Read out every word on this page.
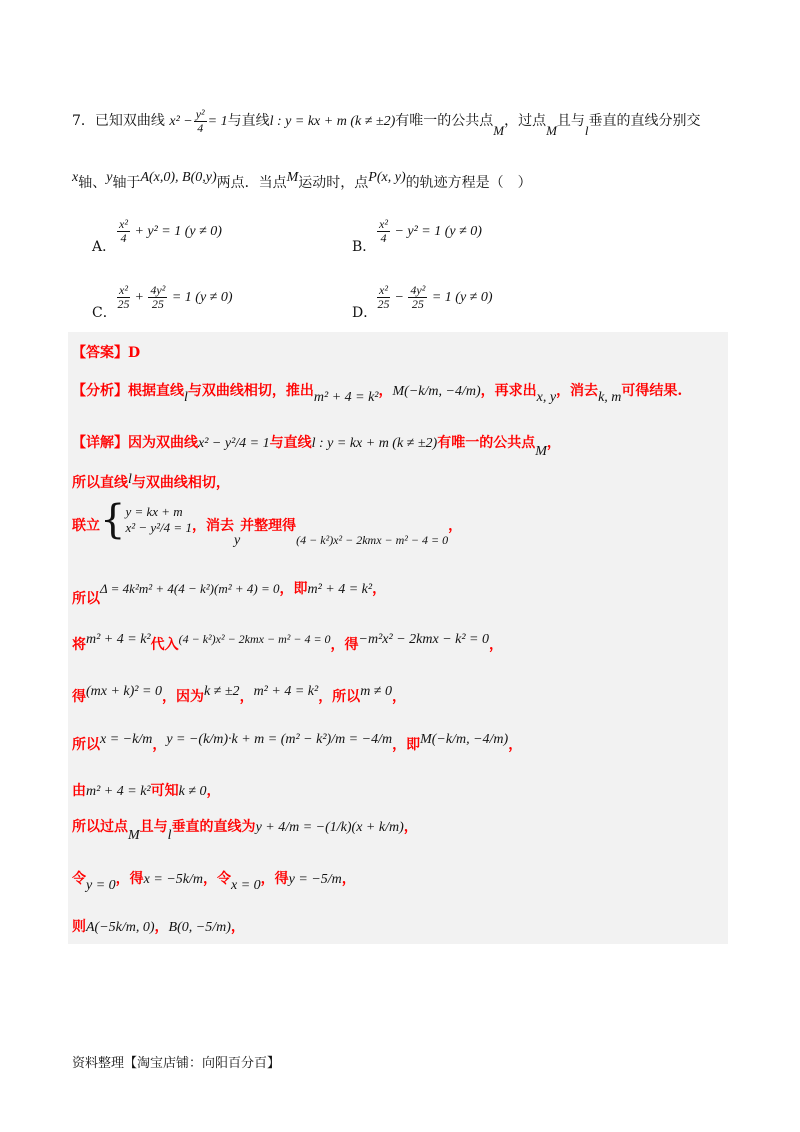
7．已知双曲线 $x^2 - \frac{\text{y²}}{4} = 1$与直线l : y = kx + m (k ≠ ±2)有唯一的公共点M，过点M且与l垂直的直线分别交
x轴、y轴于A(x,0), B(0,y)两点．当点M运动时，点P(x, y)的轨迹方程是（　）
A．
$\frac{\text{x²}}{4} + y^2 = 1$ (y ≠ 0)
B．
$\frac{\text{x²}}{4} - y^2 = 1$ (y ≠ 0)
C．
$\frac{\text{x²}}{25} + \frac{\text{4y²}}{25} = 1$ (y ≠ 0)
D．
$\frac{\text{x²}}{25} - \frac{\text{4y²}}{25} = 1$ (y ≠ 0)
【答案】D
【分析】根据直线l与双曲线相切，推出m² + 4 = k²，M(−k/m, −4/m)，再求出x, y，消去k, m可得结果.
【详解】因为双曲线x² − y²/4 = 1与直线l : y = kx + m (k ≠ ±2)有唯一的公共点M，
所以直线l与双曲线相切，
联立{ y = kx + m
x² − y²/4 = 1 ，消去y并整理得(4 − k²)x² − 2kmx − m² − 4 = 0，
所以Δ = 4k²m² + 4(4 − k²)(m² + 4) = 0，即m² + 4 = k²，
将m² + 4 = k²代入(4 − k²)x² − 2kmx − m² − 4 = 0，得−m²x² − 2kmx − k² = 0，
得(mx + k)² = 0，因为k ≠ ±2，m² + 4 = k²，所以m ≠ 0，
所以x = −k/m，y = −(k/m)·k + m = (m² − k²)/m = −4/m，即M(−k/m, −4/m)，
由m² + 4 = k²可知k ≠ 0，
所以过点M且与l垂直的直线为y + 4/m = −(1/k)(x + k/m)，
令y = 0，得x = −5k/m，令x = 0，得y = −5/m，
则A(−5k/m, 0)，B(0, −5/m)，
资料整理【淘宝店铺：向阳百分百】
